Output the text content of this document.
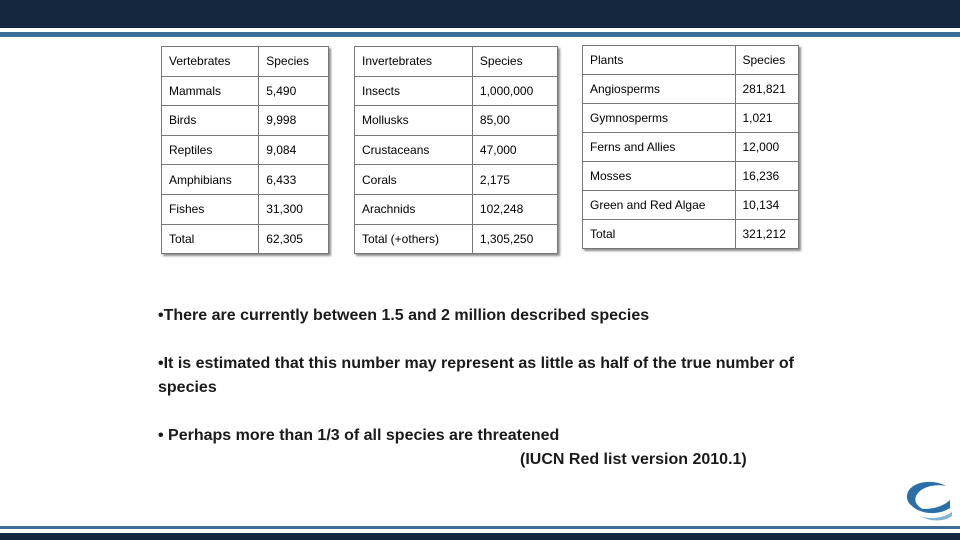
Vertebrates	Species
Mammals	5,490
Birds	9,998
Reptiles	9,084
Amphibians	6,433
Fishes	31,300
Total	62,305
Invertebrates	Species
Insects	1,000,000
Mollusks	85,00
Crustaceans	47,000
Corals	2,175
Arachnids	102,248
Total (+others)	1,305,250
Plants	Species
Angiosperms	281,821
Gymnosperms	1,021
Ferns and Allies	12,000
Mosses	16,236
Green and Red Algae	10,134
Total	321,212

•There are currently between 1.5 and 2 million described species

•It is estimated that this number may represent as little as half of the true number of species

• Perhaps more than 1/3 of all species are threatened

(IUCN Red list version 2010.1)
